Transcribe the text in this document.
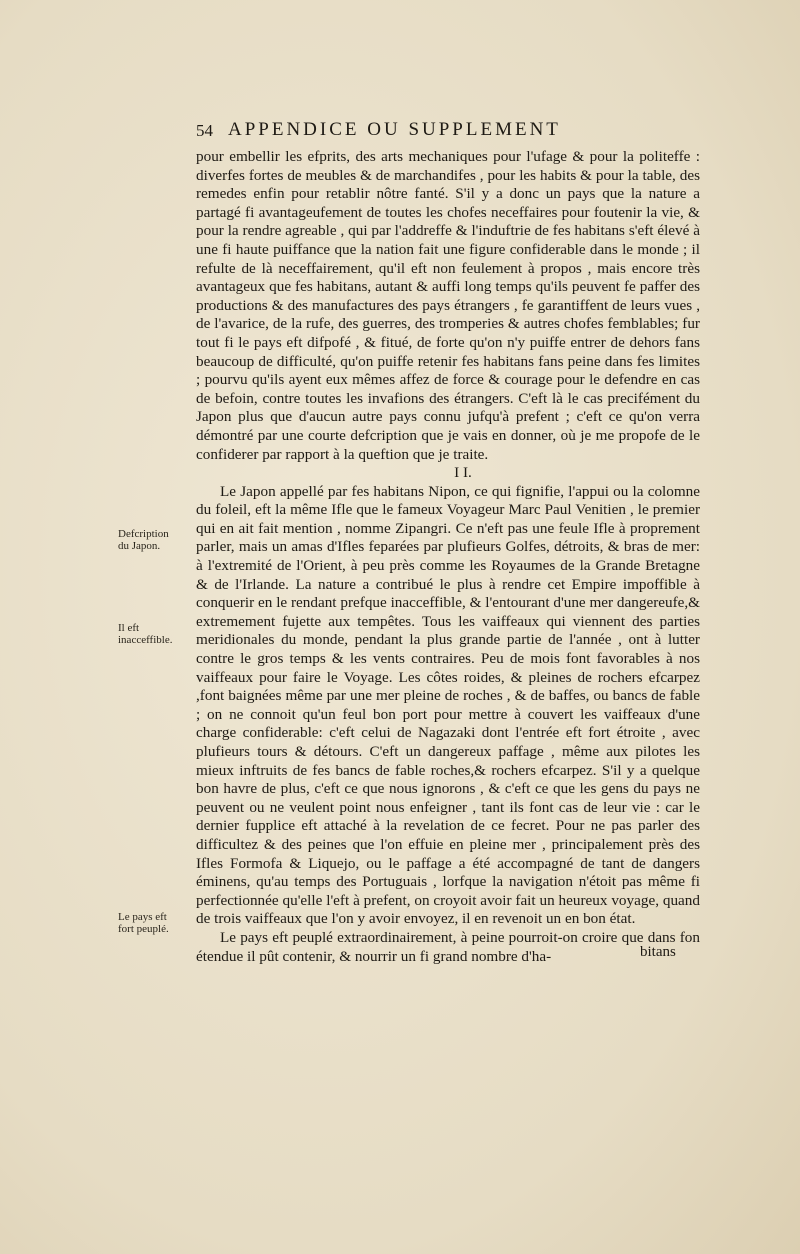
54 APPENDICE OU SUPPLEMENT

pour embellir les efprits, des arts mechaniques pour l'ufage & pour la politeffe : diverfes fortes de meubles & de marchandifes , pour les habits & pour la table, des remedes enfin pour retablir nôtre fanté. S'il y a donc un pays que la nature a partagé fi avantageufement de toutes les chofes neceffaires pour foutenir la vie, & pour la rendre agreable , qui par l'addreffe & l'induftrie de fes habitans s'eft élevé à une fi haute puiffance que la nation fait une figure confiderable dans le monde ; il refulte de là neceffairement, qu'il eft non feulement à propos , mais encore très avantageux que fes habitans, autant & auffi long temps qu'ils peuvent fe paffer des productions & des manufactures des pays étrangers , fe garantiffent de leurs vues , de l'avarice, de la rufe, des guerres, des tromperies & autres chofes femblables; fur tout fi le pays eft difpofé , & fitué, de forte qu'on n'y puiffe entrer de dehors fans beaucoup de difficulté, qu'on puiffe retenir fes habitans fans peine dans fes limites ; pourvu qu'ils ayent eux mêmes affez de force & courage pour le defendre en cas de befoin, contre toutes les invafions des étrangers. C'eft là le cas precifément du Japon plus que d'aucun autre pays connu jufqu'à prefent ; c'eft ce qu'on verra démontré par une courte defcription que je vais en donner, où je me propofe de le confiderer par rapport à la queftion que je traite.

I I.

Le Japon appellé par fes habitans Nipon, ce qui fignifie, l'appui ou la colomne du foleil, eft la même Ifle que le fameux Voyageur Marc Paul Venitien , le premier qui en ait fait mention , nomme Zipangri. Ce n'eft pas une feule Ifle à proprement parler, mais un amas d'Ifles feparées par plufieurs Golfes, détroits, & bras de mer: à l'extremité de l'Orient, à peu près comme les Royaumes de la Grande Bretagne & de l'Irlande. La nature a contribué le plus à rendre cet Empire impoffible à conquerir en le rendant prefque inacceffible, & l'entourant d'une mer dangereufe,& extremement fujette aux tempêtes. Tous les vaiffeaux qui viennent des parties meridionales du monde, pendant la plus grande partie de l'année , ont à lutter contre le gros temps & les vents contraires. Peu de mois font favorables à nos vaiffeaux pour faire le Voyage. Les côtes roides, & pleines de rochers efcarpez ,font baignées même par une mer pleine de roches , & de baffes, ou bancs de fable ; on ne connoit qu'un feul bon port pour mettre à couvert les vaiffeaux d'une charge confiderable: c'eft celui de Nagazaki dont l'entrée eft fort étroite , avec plufieurs tours & détours. C'eft un dangereux paffage , même aux pilotes les mieux inftruits de fes bancs de fable roches,& rochers efcarpez. S'il y a quelque bon havre de plus, c'eft ce que nous ignorons , & c'eft ce que les gens du pays ne peuvent ou ne veulent point nous enfeigner , tant ils font cas de leur vie : car le dernier fupplice eft attaché à la revelation de ce fecret. Pour ne pas parler des difficultez & des peines que l'on effuie en pleine mer , principalement près des Ifles Formofa & Liquejo, ou le paffage a été accompagné de tant de dangers éminens, qu'au temps des Portuguais , lorfque la navigation n'étoit pas même fi perfectionnée qu'elle l'eft à prefent, on croyoit avoir fait un heureux voyage, quand de trois vaiffeaux que l'on y avoir envoyez, il en revenoit un en bon état.

Le pays eft peuplé extraordinairement, à peine pourroit-on croire que dans fon étendue il pût contenir, & nourrir un fi grand nombre d'ha-	bitans
Defcription du Japon.
Il eft inacceffible.
Le pays eft fort peuplé.
